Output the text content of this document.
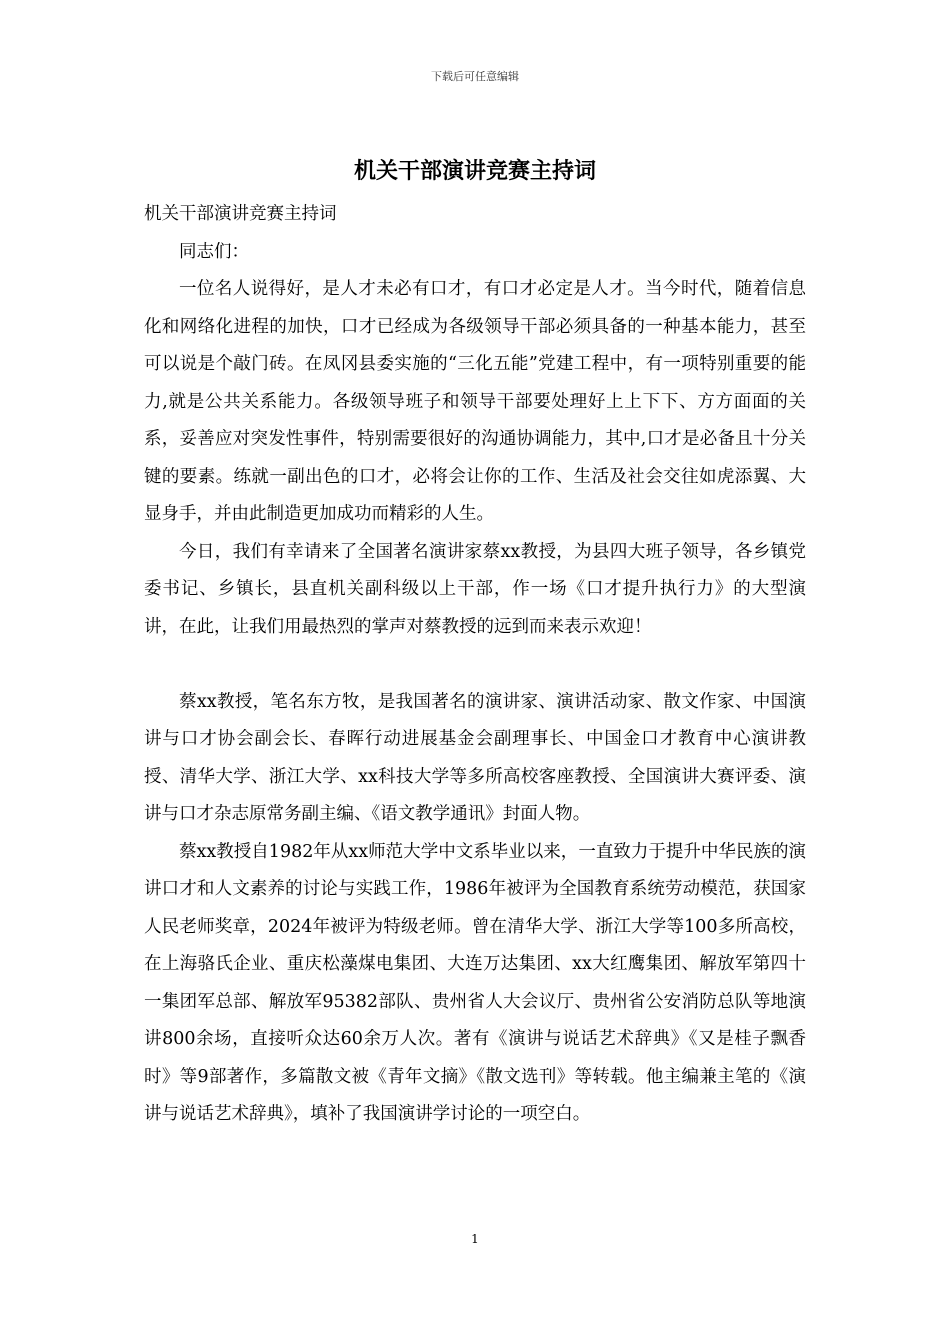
下载后可任意编辑
机关干部演讲竞赛主持词

机关干部演讲竞赛主持词

同志们：

一位名人说得好，是人才未必有口才，有口才必定是人才。当今时代，随着信息化和网络化进程的加快，口才已经成为各级领导干部必须具备的一种基本能力，甚至可以说是个敲门砖。在凤冈县委实施的“三化五能”党建工程中，有一项特别重要的能力,就是公共关系能力。各级领导班子和领导干部要处理好上上下下、方方面面的关系，妥善应对突发性事件，特别需要很好的沟通协调能力，其中,口才是必备且十分关键的要素。练就一副出色的口才，必将会让你的工作、生活及社会交往如虎添翼、大显身手，并由此制造更加成功而精彩的人生。

今日，我们有幸请来了全国著名演讲家蔡xx教授，为县四大班子领导，各乡镇党委书记、乡镇长，县直机关副科级以上干部，作一场《口才提升执行力》的大型演讲，在此，让我们用最热烈的掌声对蔡教授的远到而来表示欢迎！

蔡xx教授，笔名东方牧，是我国著名的演讲家、演讲活动家、散文作家、中国演讲与口才协会副会长、春晖行动进展基金会副理事长、中国金口才教育中心演讲教授、清华大学、浙江大学、xx科技大学等多所高校客座教授、全国演讲大赛评委、演讲与口才杂志原常务副主编、《语文教学通讯》封面人物。

蔡xx教授自1982年从xx师范大学中文系毕业以来，一直致力于提升中华民族的演讲口才和人文素养的讨论与实践工作，1986年被评为全国教育系统劳动模范，获国家人民老师奖章，2024年被评为特级老师。曾在清华大学、浙江大学等100多所高校，在上海骆氏企业、重庆松藻煤电集团、大连万达集团、xx大红鹰集团、解放军第四十一集团军总部、解放军95382部队、贵州省人大会议厅、贵州省公安消防总队等地演讲800余场，直接听众达60余万人次。著有《演讲与说话艺术辞典》《又是桂子飘香时》等9部著作，多篇散文被《青年文摘》《散文选刊》等转载。他主编兼主笔的《演讲与说话艺术辞典》，填补了我国演讲学讨论的一项空白。

1
